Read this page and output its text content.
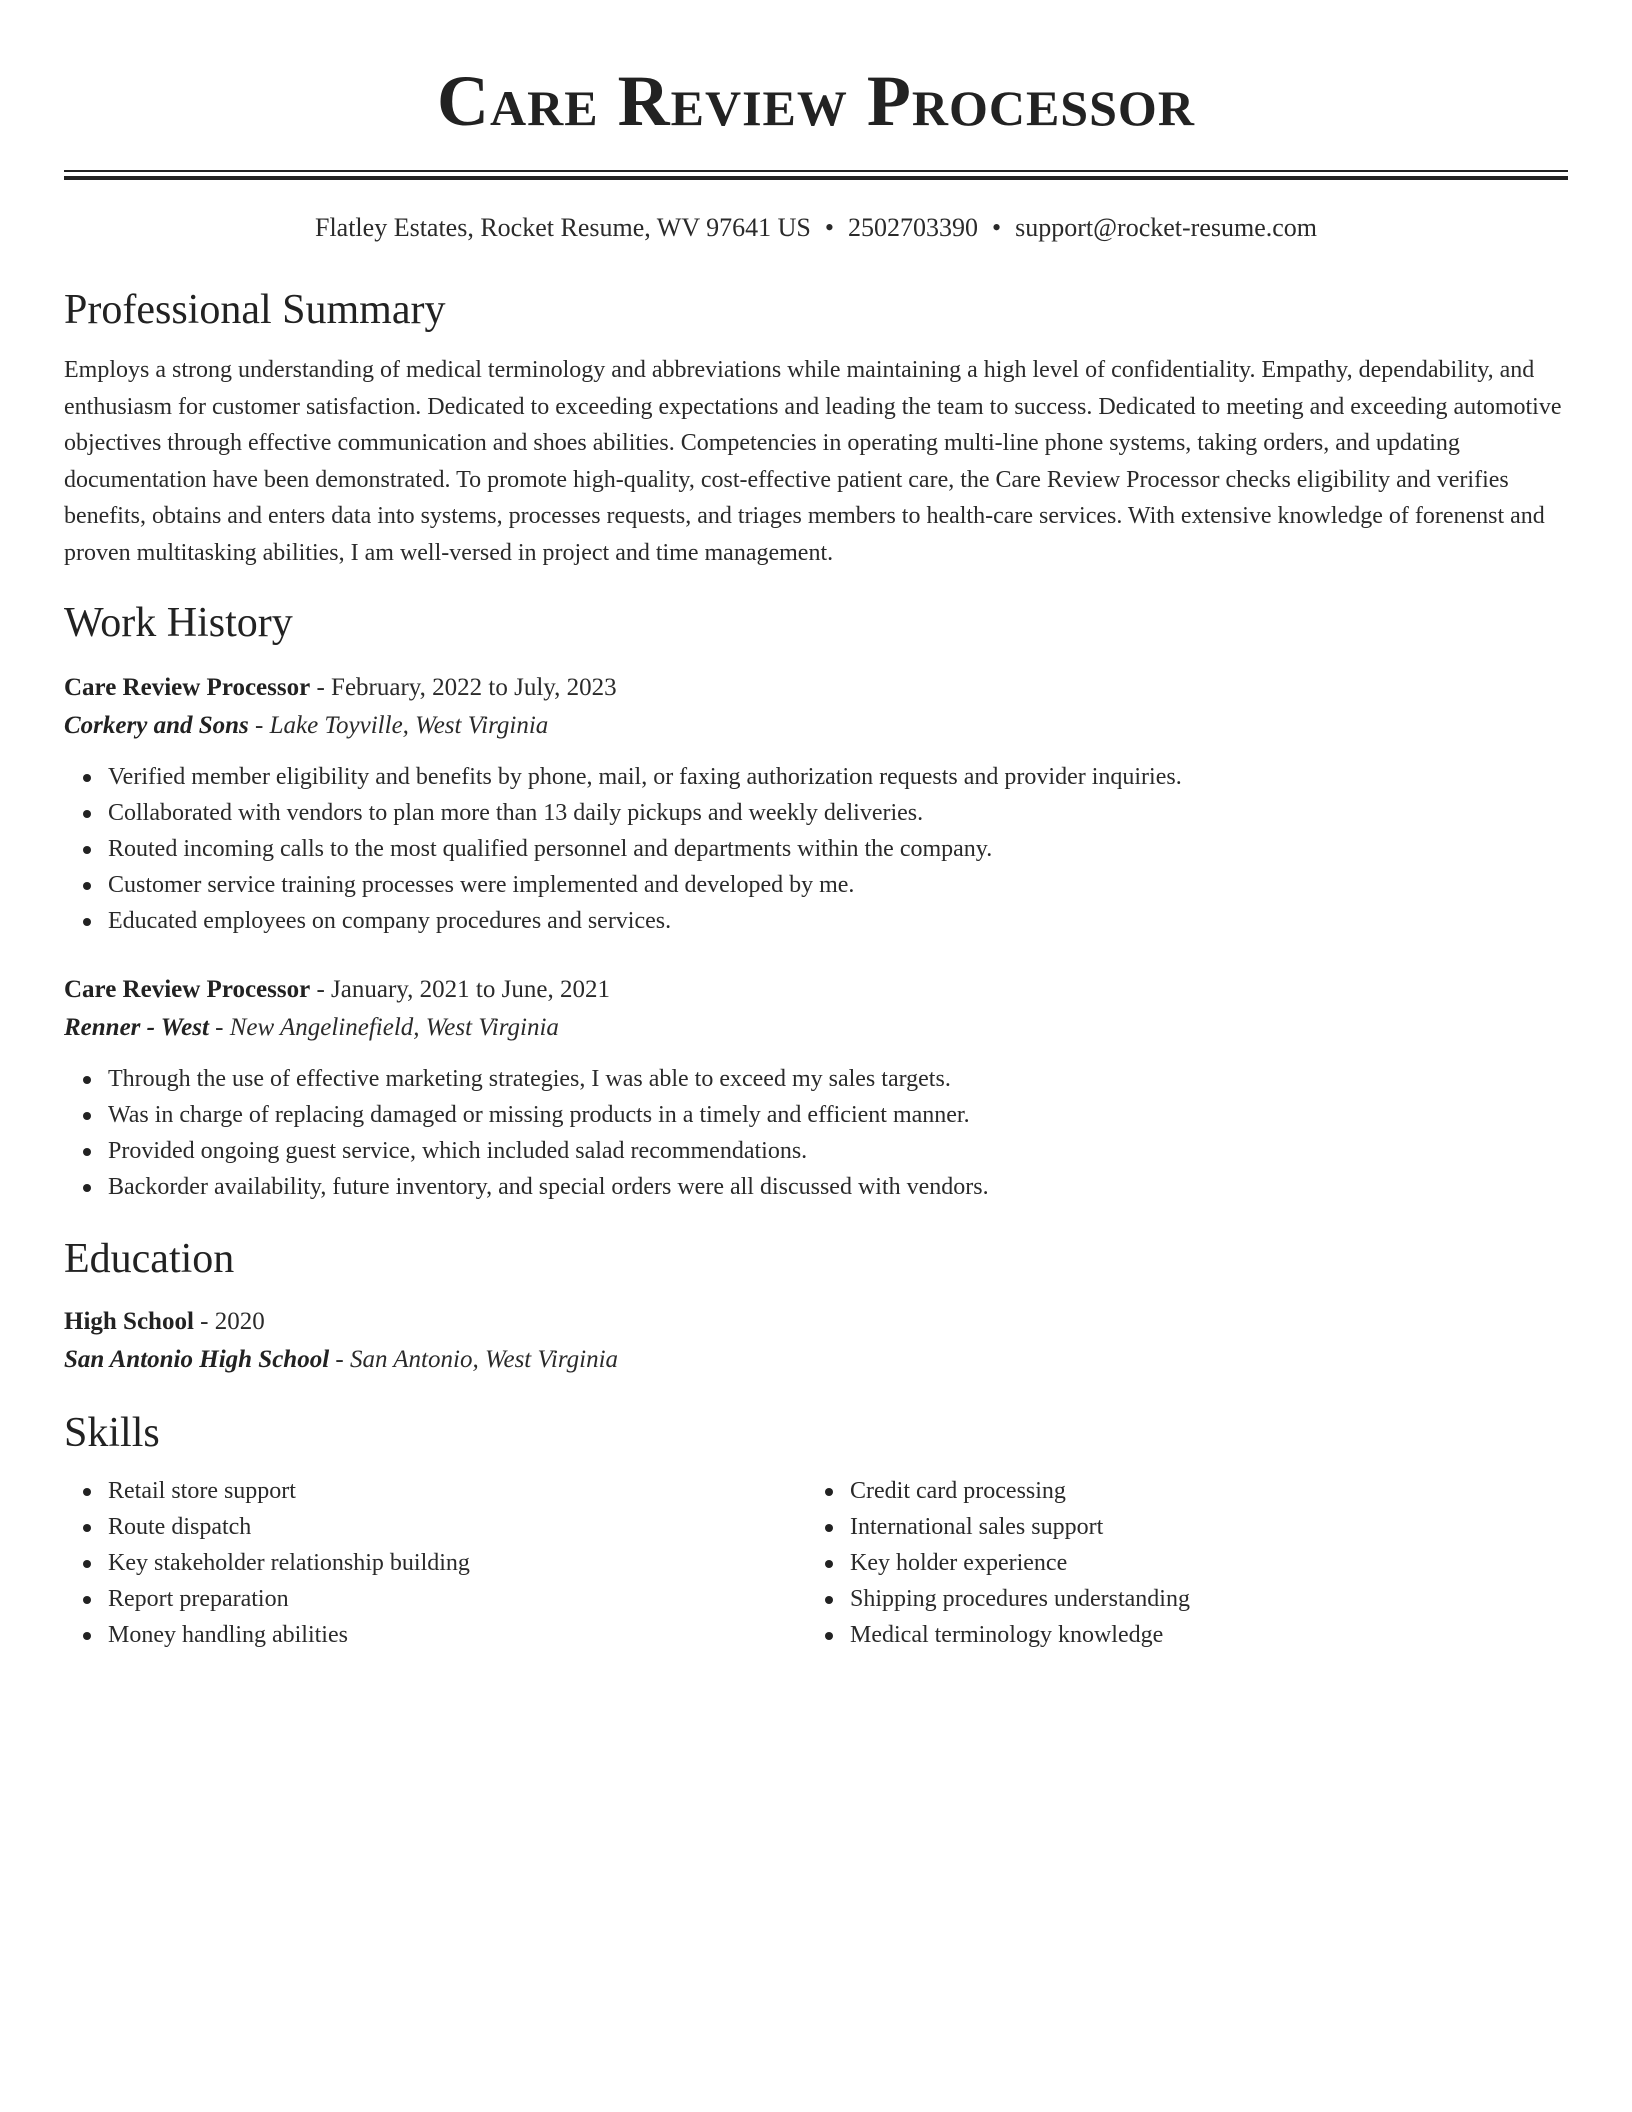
Care Review Processor
Flatley Estates, Rocket Resume, WV 97641 US • 2502703390 • support@rocket-resume.com
Professional Summary
Employs a strong understanding of medical terminology and abbreviations while maintaining a high level of confidentiality. Empathy, dependability, and enthusiasm for customer satisfaction. Dedicated to exceeding expectations and leading the team to success. Dedicated to meeting and exceeding automotive objectives through effective communication and shoes abilities. Competencies in operating multi-line phone systems, taking orders, and updating documentation have been demonstrated. To promote high-quality, cost-effective patient care, the Care Review Processor checks eligibility and verifies benefits, obtains and enters data into systems, processes requests, and triages members to health-care services. With extensive knowledge of forenenst and proven multitasking abilities, I am well-versed in project and time management.
Work History
Care Review Processor - February, 2022 to July, 2023
Corkery and Sons - Lake Toyville, West Virginia
Verified member eligibility and benefits by phone, mail, or faxing authorization requests and provider inquiries.
Collaborated with vendors to plan more than 13 daily pickups and weekly deliveries.
Routed incoming calls to the most qualified personnel and departments within the company.
Customer service training processes were implemented and developed by me.
Educated employees on company procedures and services.
Care Review Processor - January, 2021 to June, 2021
Renner - West - New Angelinefield, West Virginia
Through the use of effective marketing strategies, I was able to exceed my sales targets.
Was in charge of replacing damaged or missing products in a timely and efficient manner.
Provided ongoing guest service, which included salad recommendations.
Backorder availability, future inventory, and special orders were all discussed with vendors.
Education
High School - 2020
San Antonio High School - San Antonio, West Virginia
Skills
Retail store support
Route dispatch
Key stakeholder relationship building
Report preparation
Money handling abilities
Credit card processing
International sales support
Key holder experience
Shipping procedures understanding
Medical terminology knowledge
